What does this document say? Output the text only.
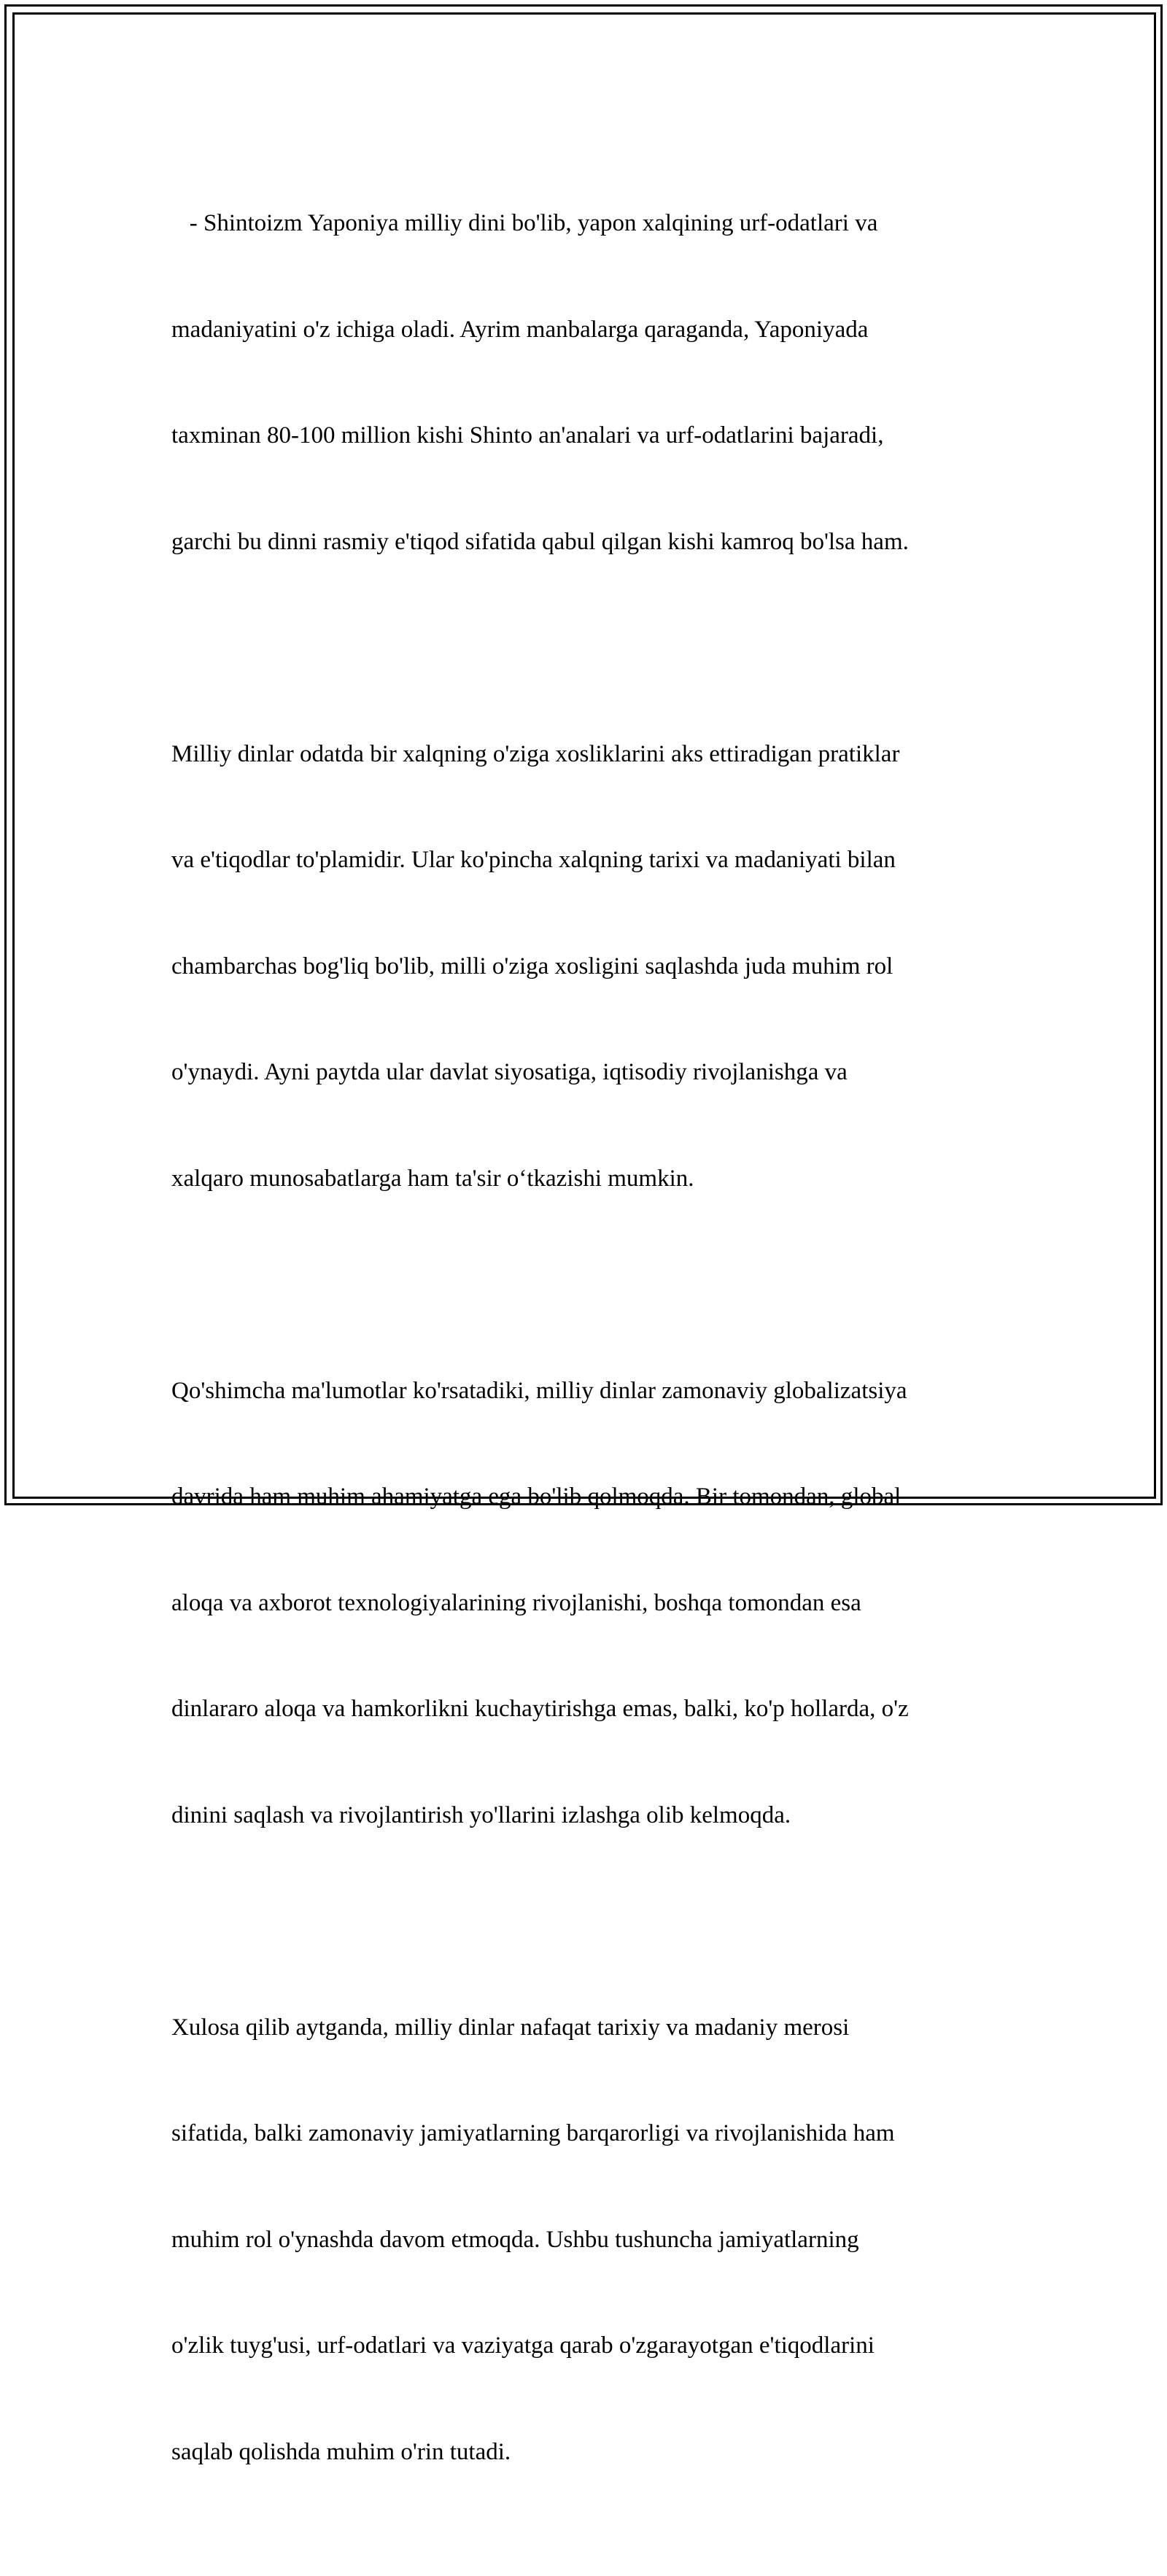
- Shintoizm Yaponiya milliy dini bo'lib, yapon xalqining urf-odatlari va

madaniyatini o'z ichiga oladi. Ayrim manbalarga qaraganda, Yaponiyada

taxminan 80-100 million kishi Shinto an'analari va urf-odatlarini bajaradi,

garchi bu dinni rasmiy e'tiqod sifatida qabul qilgan kishi kamroq bo'lsa ham.

Milliy dinlar odatda bir xalqning o'ziga xosliklarini aks ettiradigan pratiklar

va e'tiqodlar to'plamidir. Ular ko'pincha xalqning tarixi va madaniyati bilan

chambarchas bog'liq bo'lib, milli o'ziga xosligini saqlashda juda muhim rol

o'ynaydi. Ayni paytda ular davlat siyosatiga, iqtisodiy rivojlanishga va

xalqaro munosabatlarga ham ta'sir o‘tkazishi mumkin.

Qo'shimcha ma'lumotlar ko'rsatadiki, milliy dinlar zamonaviy globalizatsiya

davrida ham muhim ahamiyatga ega bo'lib qolmoqda. Bir tomondan, global

aloqa va axborot texnologiyalarining rivojlanishi, boshqa tomondan esa

dinlararo aloqa va hamkorlikni kuchaytirishga emas, balki, ko'p hollarda, o'z

dinini saqlash va rivojlantirish yo'llarini izlashga olib kelmoqda.

Xulosa qilib aytganda, milliy dinlar nafaqat tarixiy va madaniy merosi

sifatida, balki zamonaviy jamiyatlarning barqarorligi va rivojlanishida ham

muhim rol o'ynashda davom etmoqda. Ushbu tushuncha jamiyatlarning

o'zlik tuyg'usi, urf-odatlari va vaziyatga qarab o'zgarayotgan e'tiqodlarini

saqlab qolishda muhim o'rin tutadi.
